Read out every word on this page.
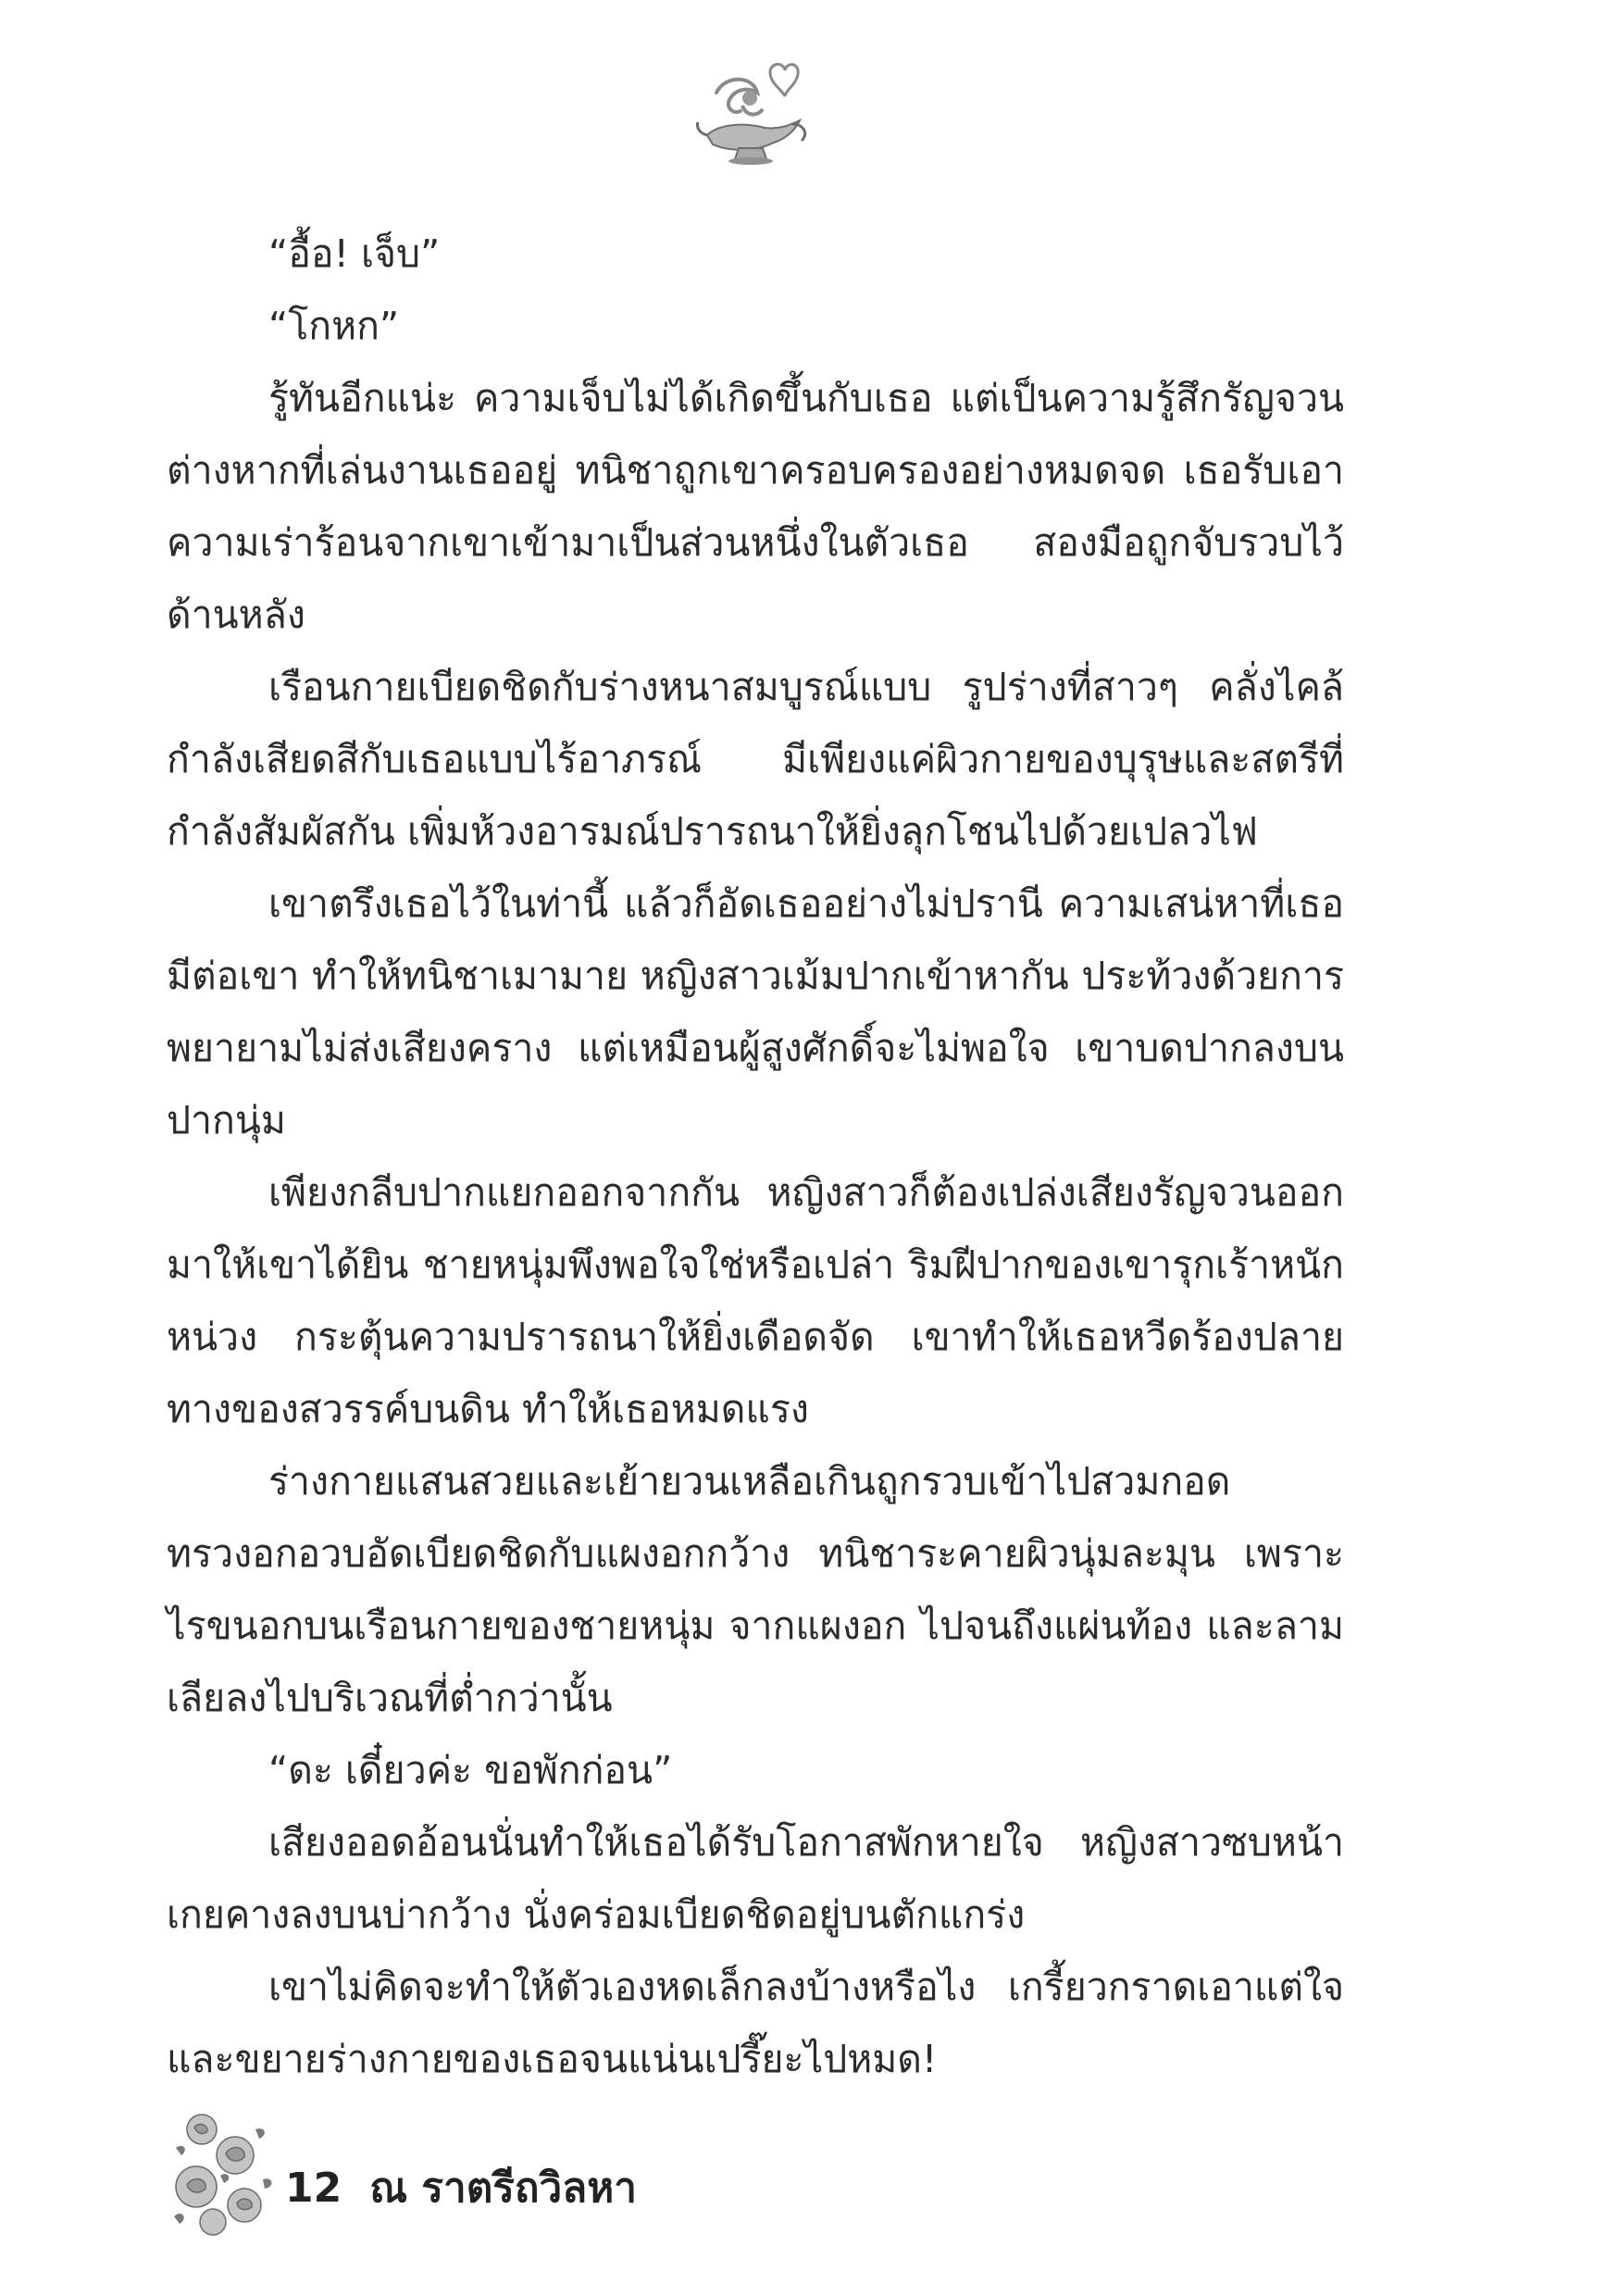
“อื้อ! เจ็บ”

“โกหก”

รู้ทันอีกแน่ะ ความเจ็บไม่ได้เกิดขึ้นกับเธอ แต่เป็นความรู้สึกรัญจวนต่างหากที่เล่นงานเธออยู่ ทนิชาถูกเขาครอบครองอย่างหมดจด เธอรับเอาความเร่าร้อนจากเขาเข้ามาเป็นส่วนหนึ่งในตัวเธอ สองมือถูกจับรวบไว้ด้านหลัง

เรือนกายเบียดชิดกับร่างหนาสมบูรณ์แบบ รูปร่างที่สาวๆ คลั่งไคล้กำลังเสียดสีกับเธอแบบไร้อาภรณ์ มีเพียงแค่ผิวกายของบุรุษและสตรีที่กำลังสัมผัสกัน เพิ่มห้วงอารมณ์ปรารถนาให้ยิ่งลุกโชนไปด้วยเปลวไฟ

เขาตรึงเธอไว้ในท่านี้ แล้วก็อัดเธออย่างไม่ปรานี ความเสน่หาที่เธอมีต่อเขา ทำให้ทนิชาเมามาย หญิงสาวเม้มปากเข้าหากัน ประท้วงด้วยการพยายามไม่ส่งเสียงคราง แต่เหมือนผู้สูงศักดิ์จะไม่พอใจ เขาบดปากลงบนปากนุ่ม

เพียงกลีบปากแยกออกจากกัน หญิงสาวก็ต้องเปล่งเสียงรัญจวนออกมาให้เขาได้ยิน ชายหนุ่มพึงพอใจใช่หรือเปล่า ริมฝีปากของเขารุกเร้าหนักหน่วง กระตุ้นความปรารถนาให้ยิ่งเดือดจัด เขาทำให้เธอหวีดร้องปลายทางของสวรรค์บนดิน ทำให้เธอหมดแรง

ร่างกายแสนสวยและเย้ายวนเหลือเกินถูกรวบเข้าไปสวมกอดทรวงอกอวบอัดเบียดชิดกับแผงอกกว้าง ทนิชาระคายผิวนุ่มละมุน เพราะไรขนอกบนเรือนกายของชายหนุ่ม จากแผงอก ไปจนถึงแผ่นท้อง และลามเลียลงไปบริเวณที่ต่ำกว่านั้น

“ดะ เดี๋ยวค่ะ ขอพักก่อน”

เสียงออดอ้อนนั่นทำให้เธอได้รับโอกาสพักหายใจ หญิงสาวซบหน้าเกยคางลงบนบ่ากว้าง นั่งคร่อมเบียดชิดอยู่บนตักแกร่ง

เขาไม่คิดจะทำให้ตัวเองหดเล็กลงบ้างหรือไง เกรี้ยวกราดเอาแต่ใจและขยายร่างกายของเธอจนแน่นเปรี๊ยะไปหมด!

12 ณ ราตรีถวิลหา
